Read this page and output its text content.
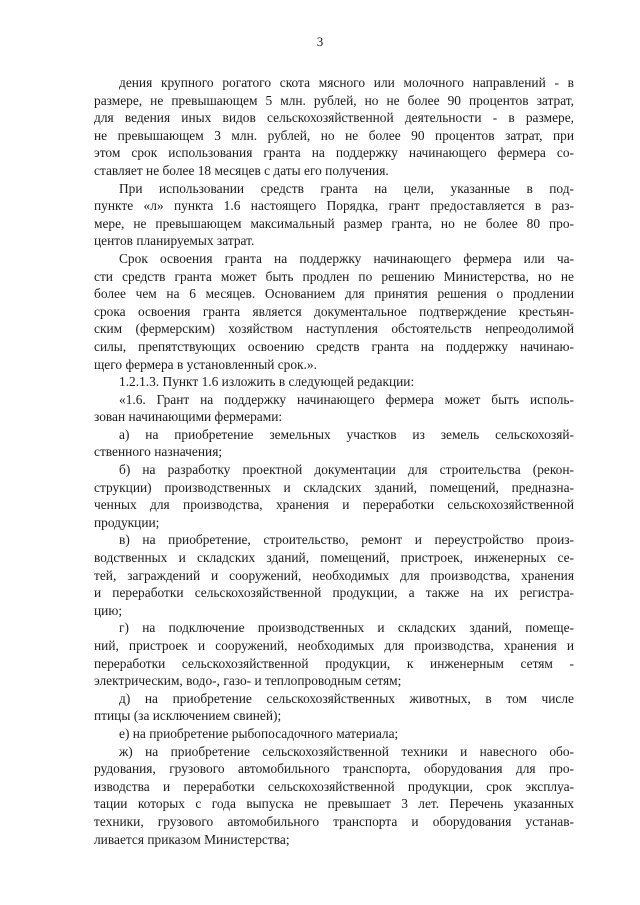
3
дения крупного рогатого скота мясного или молочного направлений - в
размере, не превышающем 5 млн. рублей, но не более 90 процентов затрат,
для ведения иных видов сельскохозяйственной деятельности - в размере,
не превышающем 3 млн. рублей, но не более 90 процентов затрат, при
этом срок использования гранта на поддержку начинающего фермера со-
ставляет не более 18 месяцев с даты его получения.
При использовании средств гранта на цели, указанные в под-
пункте «л» пункта 1.6 настоящего Порядка, грант предоставляется в раз-
мере, не превышающем максимальный размер гранта, но не более 80 про-
центов планируемых затрат.
Срок освоения гранта на поддержку начинающего фермера или ча-
сти средств гранта может быть продлен по решению Министерства, но не
более чем на 6 месяцев. Основанием для принятия решения о продлении
срока освоения гранта является документальное подтверждение крестьян-
ским (фермерским) хозяйством наступления обстоятельств непреодолимой
силы, препятствующих освоению средств гранта на поддержку начинаю-
щего фермера в установленный срок.».
1.2.1.3. Пункт 1.6 изложить в следующей редакции:
«1.6. Грант на поддержку начинающего фермера может быть исполь-
зован начинающими фермерами:
а) на приобретение земельных участков из земель сельскохозяй-
ственного назначения;
б) на разработку проектной документации для строительства (рекон-
струкции) производственных и складских зданий, помещений, предназна-
ченных для производства, хранения и переработки сельскохозяйственной
продукции;
в) на приобретение, строительство, ремонт и переустройство произ-
водственных и складских зданий, помещений, пристроек, инженерных се-
тей, заграждений и сооружений, необходимых для производства, хранения
и переработки сельскохозяйственной продукции, а также на их регистра-
цию;
г) на подключение производственных и складских зданий, помеще-
ний, пристроек и сооружений, необходимых для производства, хранения и
переработки сельскохозяйственной продукции, к инженерным сетям -
электрическим, водо-, газо- и теплопроводным сетям;
д) на приобретение сельскохозяйственных животных, в том числе
птицы (за исключением свиней);
е) на приобретение рыбопосадочного материала;
ж) на приобретение сельскохозяйственной техники и навесного обо-
рудования, грузового автомобильного транспорта, оборудования для про-
изводства и переработки сельскохозяйственной продукции, срок эксплуа-
тации которых с года выпуска не превышает 3 лет. Перечень указанных
техники, грузового автомобильного транспорта и оборудования устанав-
ливается приказом Министерства;
